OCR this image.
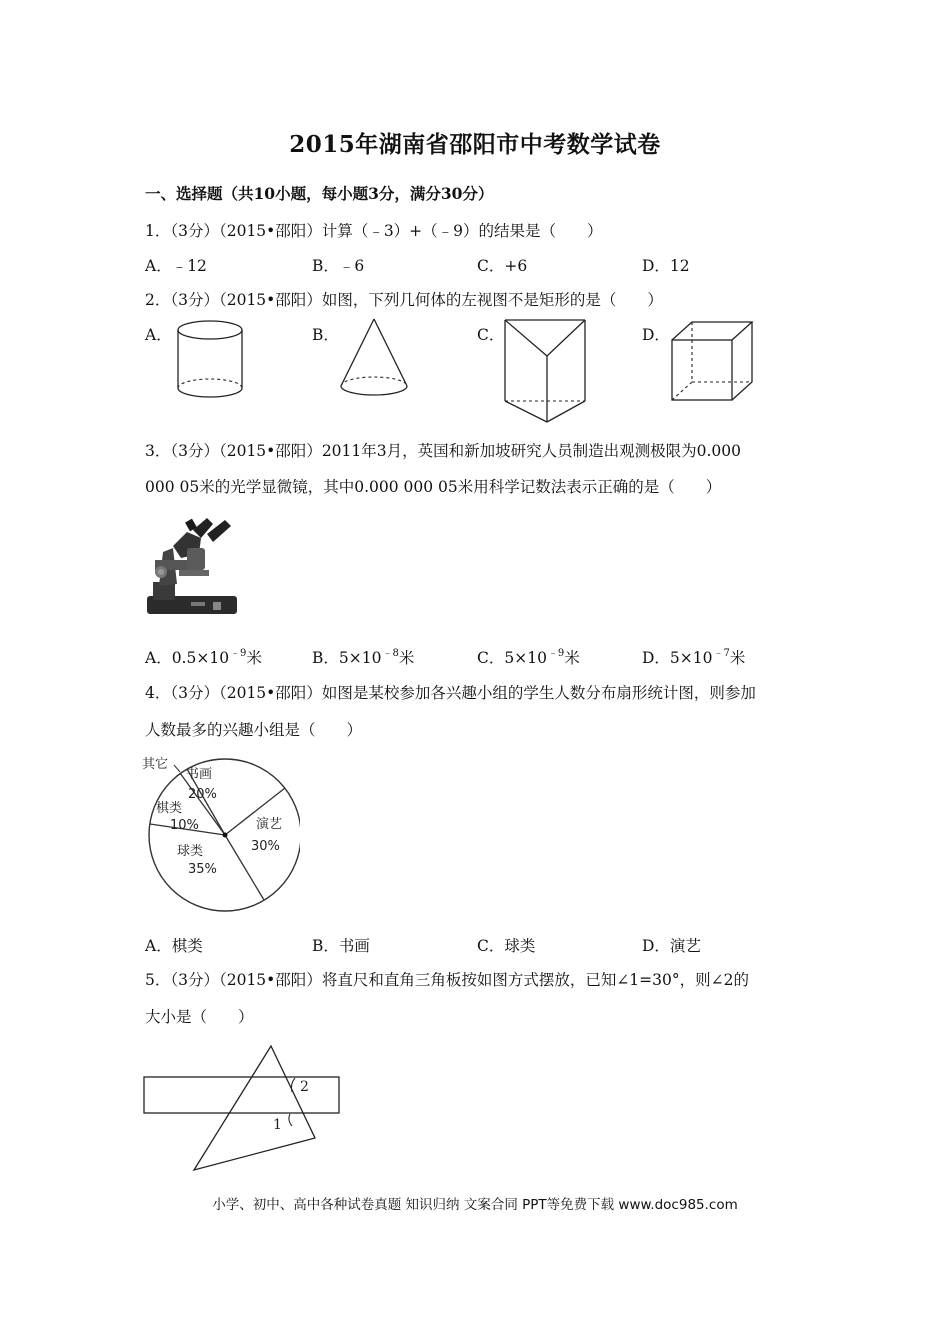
2015年湖南省邵阳市中考数学试卷
一、选择题（共10小题，每小题3分，满分30分）
1．（3分）（2015•邵阳）计算（﹣3）+（﹣9）的结果是（　　）
A．﹣12	B．﹣6	C．+6	D．12
2．（3分）（2015•邵阳）如图，下列几何体的左视图不是矩形的是（　　）
A．	B．	C．	D．
3．（3分）（2015•邵阳）2011年3月，英国和新加坡研究人员制造出观测极限为0.000
000 05米的光学显微镜，其中0.000 000 05米用科学记数法表示正确的是（　　）
A．$0.5\times 10^{﹣9}$米	B．$5\times 10^{﹣8}$米	C．$5\times 10^{﹣9}$米	D．$5\times 10^{﹣7}$米
4．（3分）（2015•邵阳）如图是某校参加各兴趣小组的学生人数分布扇形统计图，则参加
人数最多的兴趣小组是（　　）
其它
书画
20%
棋类
10%	演艺
30%
球类
35%
A．棋类	B．书画	C．球类	D．演艺
5．（3分）（2015•邵阳）将直尺和直角三角板按如图方式摆放，已知∠1=30°，则∠2的
大小是（　　）
2
1
小学、初中、高中各种试卷真题 知识归纳 文案合同 PPT等免费下载 www.doc985.com
